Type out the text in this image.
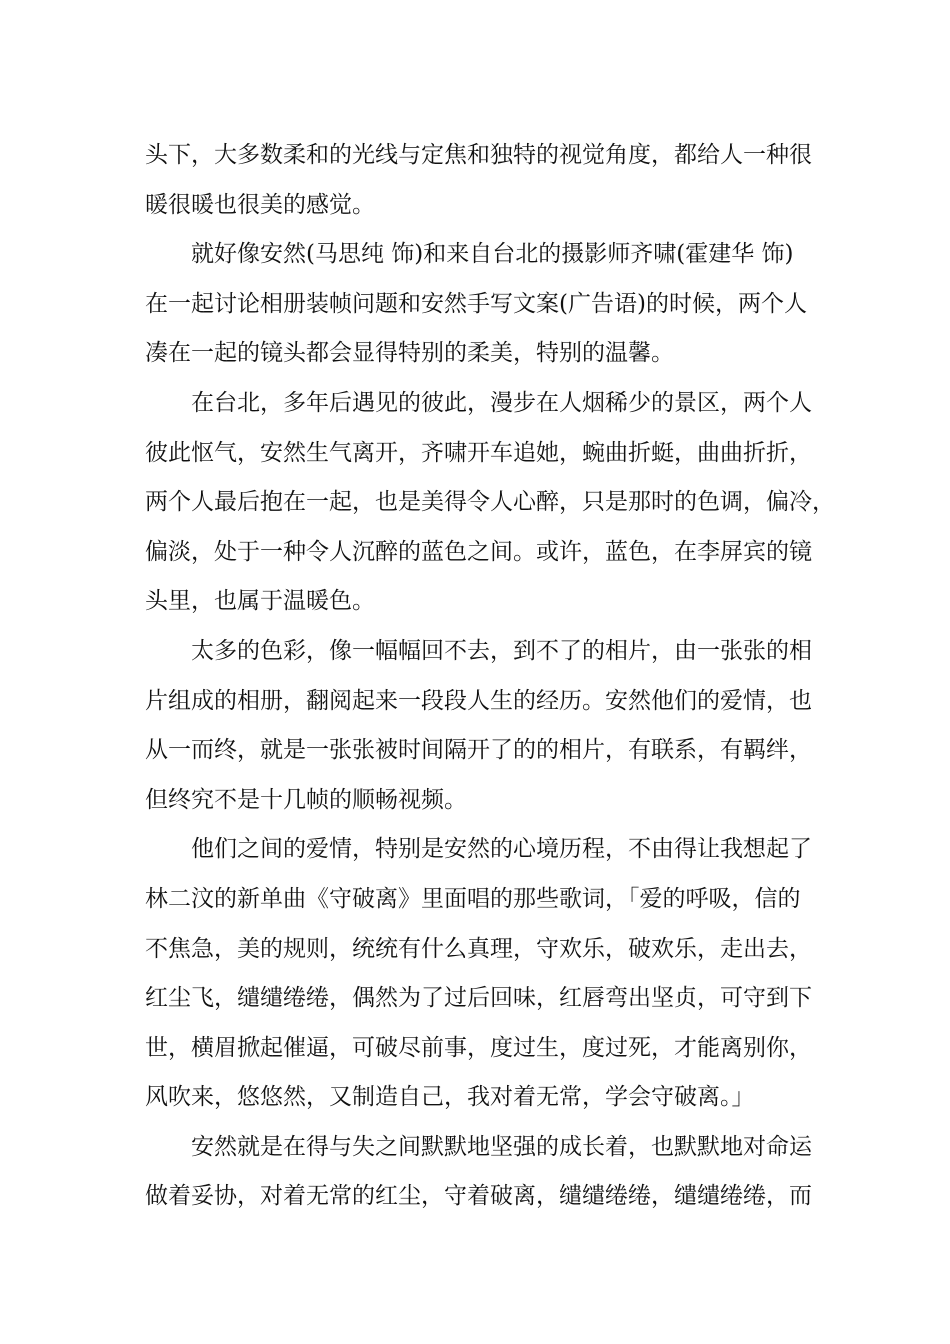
头下，大多数柔和的光线与定焦和独特的视觉角度，都给人一种很
暖很暖也很美的感觉。
就好像安然(马思纯 饰)和来自台北的摄影师齐啸(霍建华 饰)
在一起讨论相册装帧问题和安然手写文案(广告语)的时候，两个人
凑在一起的镜头都会显得特别的柔美，特别的温馨。
在台北，多年后遇见的彼此，漫步在人烟稀少的景区，两个人
彼此怄气，安然生气离开，齐啸开车追她，蜿曲折蜓，曲曲折折，
两个人最后抱在一起，也是美得令人心醉，只是那时的色调，偏冷，
偏淡，处于一种令人沉醉的蓝色之间。或许，蓝色，在李屏宾的镜
头里，也属于温暖色。
太多的色彩，像一幅幅回不去，到不了的相片，由一张张的相
片组成的相册，翻阅起来一段段人生的经历。安然他们的爱情，也
从一而终，就是一张张被时间隔开了的的相片，有联系，有羁绊，
但终究不是十几帧的顺畅视频。
他们之间的爱情，特别是安然的心境历程，不由得让我想起了
林二汶的新单曲《守破离》里面唱的那些歌词，「爱的呼吸，信的
不焦急，美的规则，统统有什么真理，守欢乐，破欢乐，走出去，
红尘飞，缱缱绻绻，偶然为了过后回味，红唇弯出坚贞，可守到下
世，横眉掀起催逼，可破尽前事，度过生，度过死，才能离别你，
风吹来，悠悠然，又制造自己，我对着无常，学会守破离。」
安然就是在得与失之间默默地坚强的成长着，也默默地对命运
做着妥协，对着无常的红尘，守着破离，缱缱绻绻，缱缱绻绻，而
